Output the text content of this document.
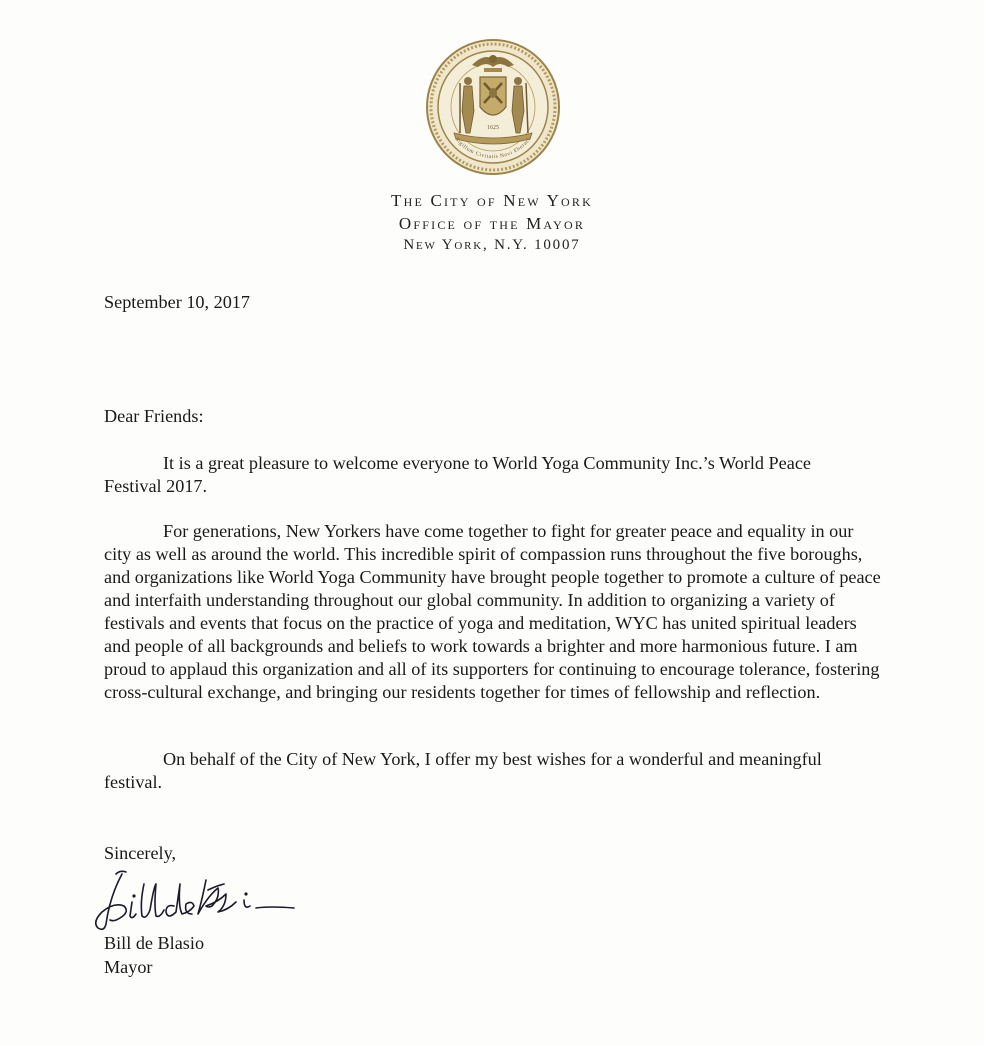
1625
Sigillum Civitatis Novi Eboraci
The City of New York
Office of the Mayor
New York, N.Y. 10007
September 10, 2017
Dear Friends:
It is a great pleasure to welcome everyone to World Yoga Community Inc.’s World Peace Festival 2017.
For generations, New Yorkers have come together to fight for greater peace and equality in our city as well as around the world. This incredible spirit of compassion runs throughout the five boroughs, and organizations like World Yoga Community have brought people together to promote a culture of peace and interfaith understanding throughout our global community. In addition to organizing a variety of festivals and events that focus on the practice of yoga and meditation, WYC has united spiritual leaders and people of all backgrounds and beliefs to work towards a brighter and more harmonious future. I am proud to applaud this organization and all of its supporters for continuing to encourage tolerance, fostering cross-cultural exchange, and bringing our residents together for times of fellowship and reflection.
On behalf of the City of New York, I offer my best wishes for a wonderful and meaningful festival.
Sincerely,
Bill de Blasio
Mayor
